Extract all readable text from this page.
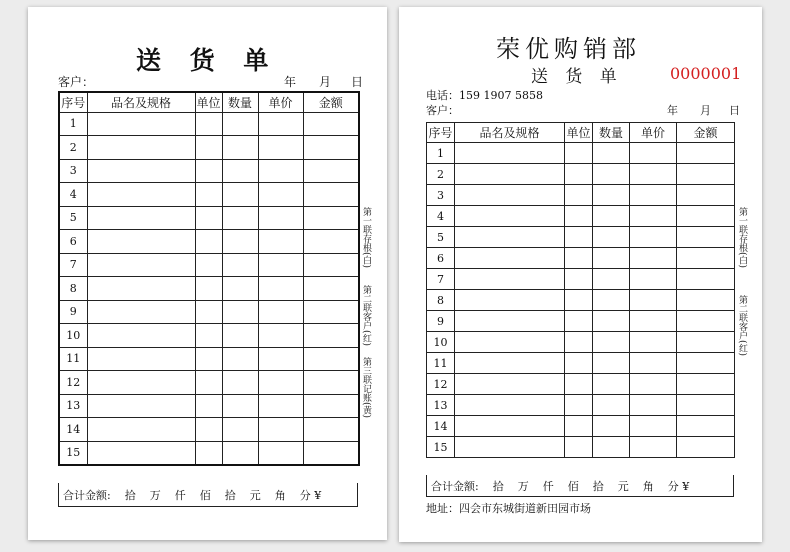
送 货 单
客户：	年 月 日
序号	品名及规格	单位	数量	单价	金额
1					
2					
3					
4					
5					
6					
7					
8					
9					
10					
11					
12					
13					
14					
15					
合计金额: 拾 万 仟 佰 拾 元 角 分 ¥
第一联存根(白)
第二联客户(红)
第三联记账(黄)
荣优购销部
送 货 单	0000001
电话：159 1907 5858
客户：	年 月 日
序号	品名及规格	单位	数量	单价	金额
1					
2					
3					
4					
5					
6					
7					
8					
9					
10					
11					
12					
13					
14					
15					
合计金额: 拾 万 仟 佰 拾 元 角 分 ¥
地址：四会市东城街道新田园市场
第一联存根(白)
第二联客户(红)
